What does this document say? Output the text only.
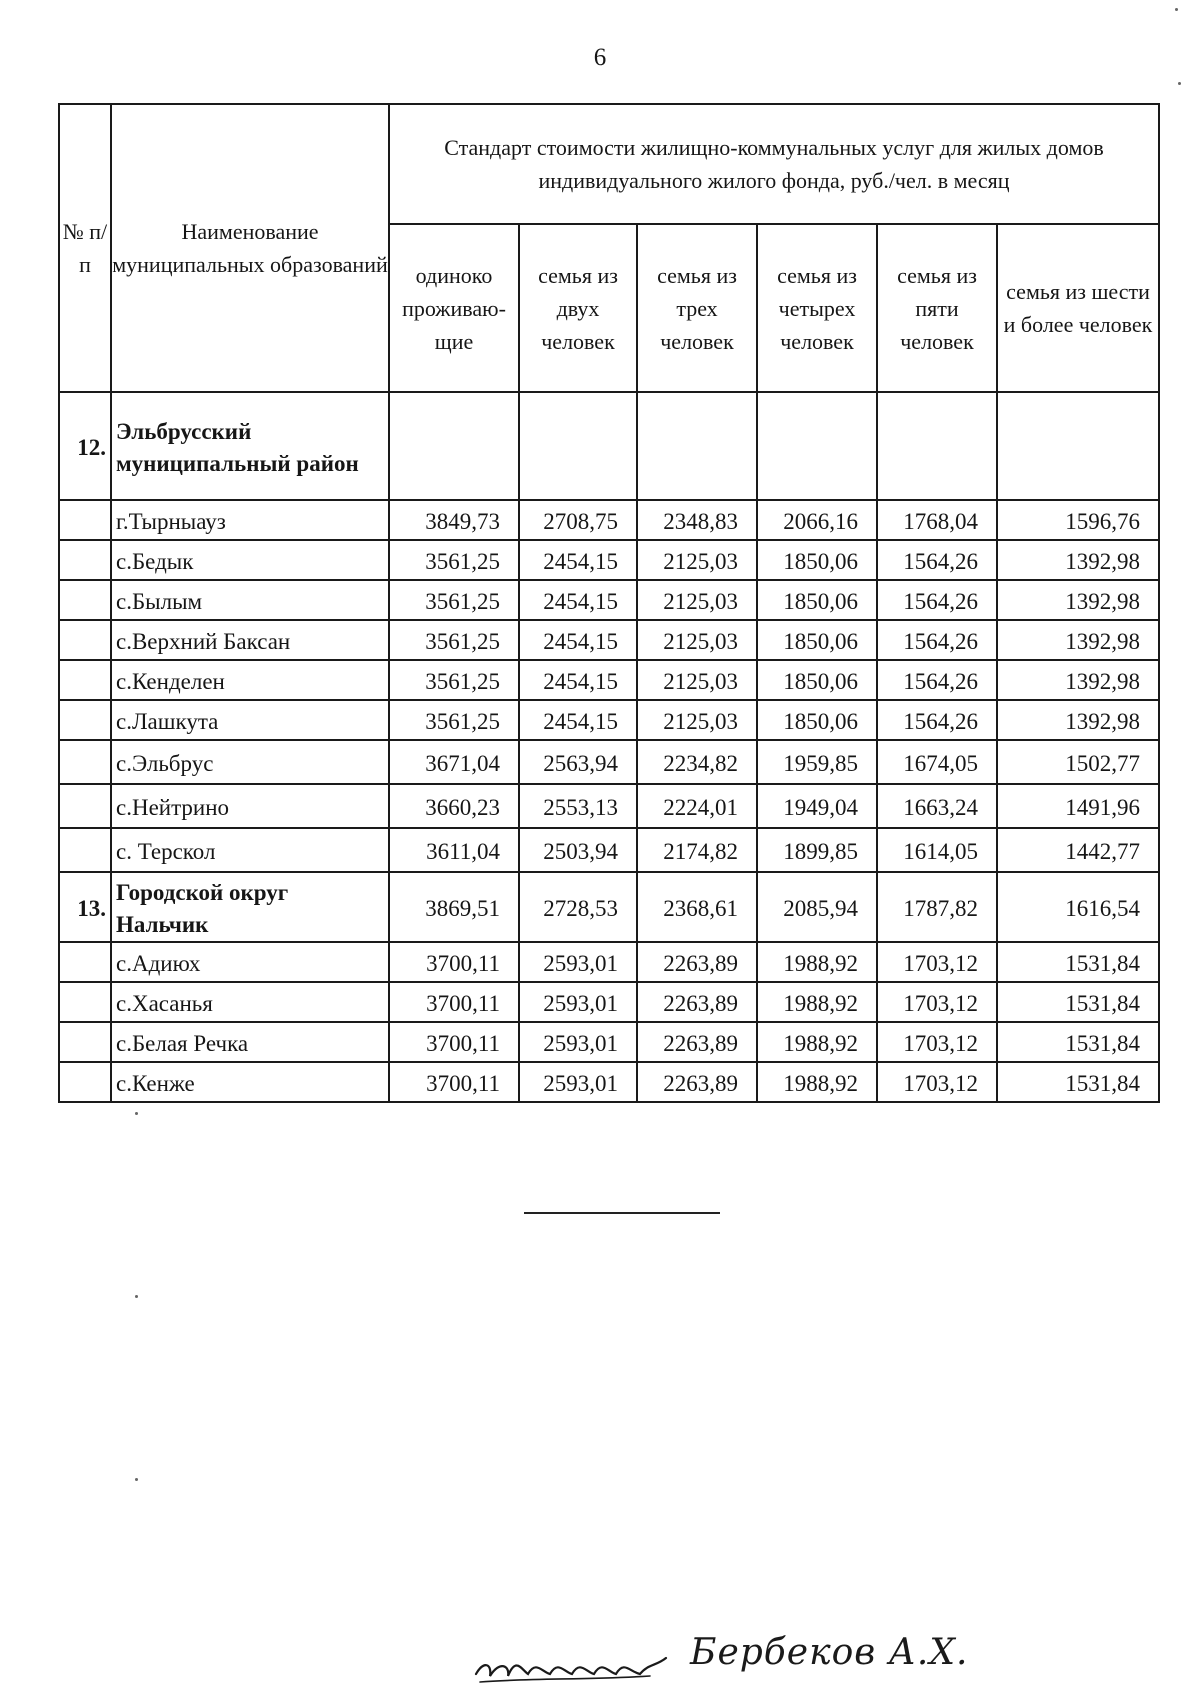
6
№ п/п	Наименование муниципальных образований	Стандарт стоимости жилищно-коммунальных услуг для жилых домов индивидуального жилого фонда, руб./чел. в месяц					
		одиноко проживаю-щие	семья из двух человек	семья из трех человек	семья из четырех человек	семья из пяти человек	семья из шести и более человек
12.	Эльбрусский муниципальный район						
	г.Тырныауз	3849,73	2708,75	2348,83	2066,16	1768,04	1596,76
	с.Бедык	3561,25	2454,15	2125,03	1850,06	1564,26	1392,98
	с.Былым	3561,25	2454,15	2125,03	1850,06	1564,26	1392,98
	с.Верхний Баксан	3561,25	2454,15	2125,03	1850,06	1564,26	1392,98
	с.Кенделен	3561,25	2454,15	2125,03	1850,06	1564,26	1392,98
	с.Лашкута	3561,25	2454,15	2125,03	1850,06	1564,26	1392,98
	с.Эльбрус	3671,04	2563,94	2234,82	1959,85	1674,05	1502,77
	с.Нейтрино	3660,23	2553,13	2224,01	1949,04	1663,24	1491,96
	с. Терскол	3611,04	2503,94	2174,82	1899,85	1614,05	1442,77
13.	Городской округ Нальчик	3869,51	2728,53	2368,61	2085,94	1787,82	1616,54
	с.Адиюх	3700,11	2593,01	2263,89	1988,92	1703,12	1531,84
	с.Хасанья	3700,11	2593,01	2263,89	1988,92	1703,12	1531,84
	с.Белая Речка	3700,11	2593,01	2263,89	1988,92	1703,12	1531,84
	с.Кенже	3700,11	2593,01	2263,89	1988,92	1703,12	1531,84
Бербеков А.Х.
